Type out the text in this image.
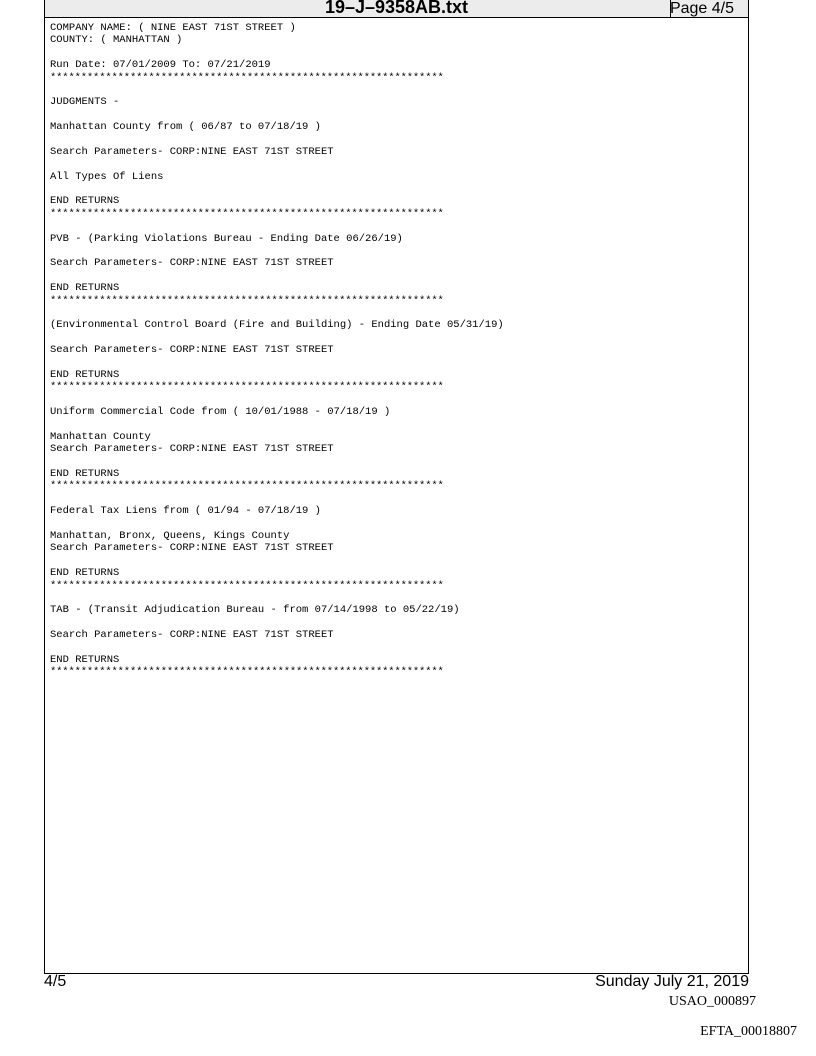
19–J–9358AB.txt	Page 4/5
COMPANY NAME: ( NINE EAST 71ST STREET )
COUNTY: ( MANHATTAN )

Run Date: 07/01/2009 To: 07/21/2019
****************************************************************

JUDGMENTS -

Manhattan County from ( 06/87 to 07/18/19 )

Search Parameters- CORP:NINE EAST 71ST STREET

All Types Of Liens

END RETURNS
****************************************************************

PVB - (Parking Violations Bureau - Ending Date 06/26/19)

Search Parameters- CORP:NINE EAST 71ST STREET

END RETURNS
****************************************************************

(Environmental Control Board (Fire and Building) - Ending Date 05/31/19)

Search Parameters- CORP:NINE EAST 71ST STREET

END RETURNS
****************************************************************

Uniform Commercial Code from ( 10/01/1988 - 07/18/19 )

Manhattan County
Search Parameters- CORP:NINE EAST 71ST STREET

END RETURNS
****************************************************************

Federal Tax Liens from ( 01/94 - 07/18/19 )

Manhattan, Bronx, Queens, Kings County
Search Parameters- CORP:NINE EAST 71ST STREET

END RETURNS
****************************************************************

TAB - (Transit Adjudication Bureau - from 07/14/1998 to 05/22/19)

Search Parameters- CORP:NINE EAST 71ST STREET

END RETURNS
****************************************************************
4/5	Sunday July 21, 2019
USAO_000897
EFTA_00018807
